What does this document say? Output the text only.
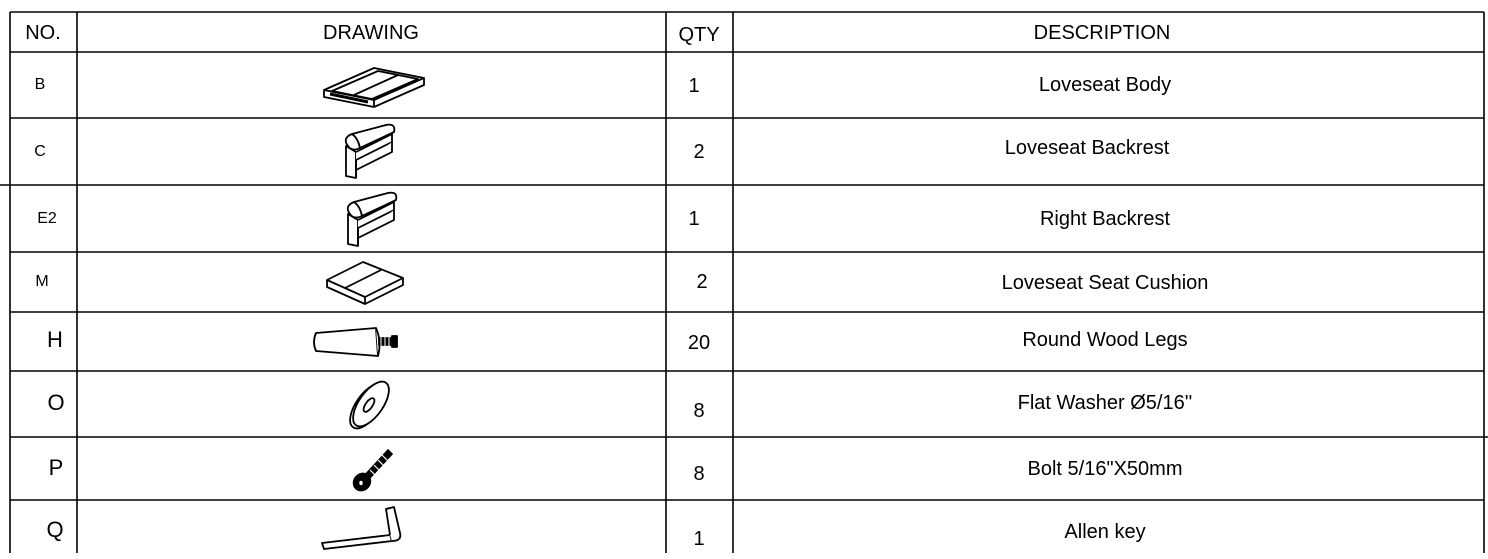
NO.	DRAWING	QTY	DESCRIPTION
B	1	Loveseat Body
C	2	Loveseat Backrest
E2	1	Right Backrest
M	2	Loveseat Seat Cushion
H	20	Round Wood Legs
O	8	Flat Washer Ø5/16''
P	8	Bolt 5/16"X50mm
Q	1	Allen key
